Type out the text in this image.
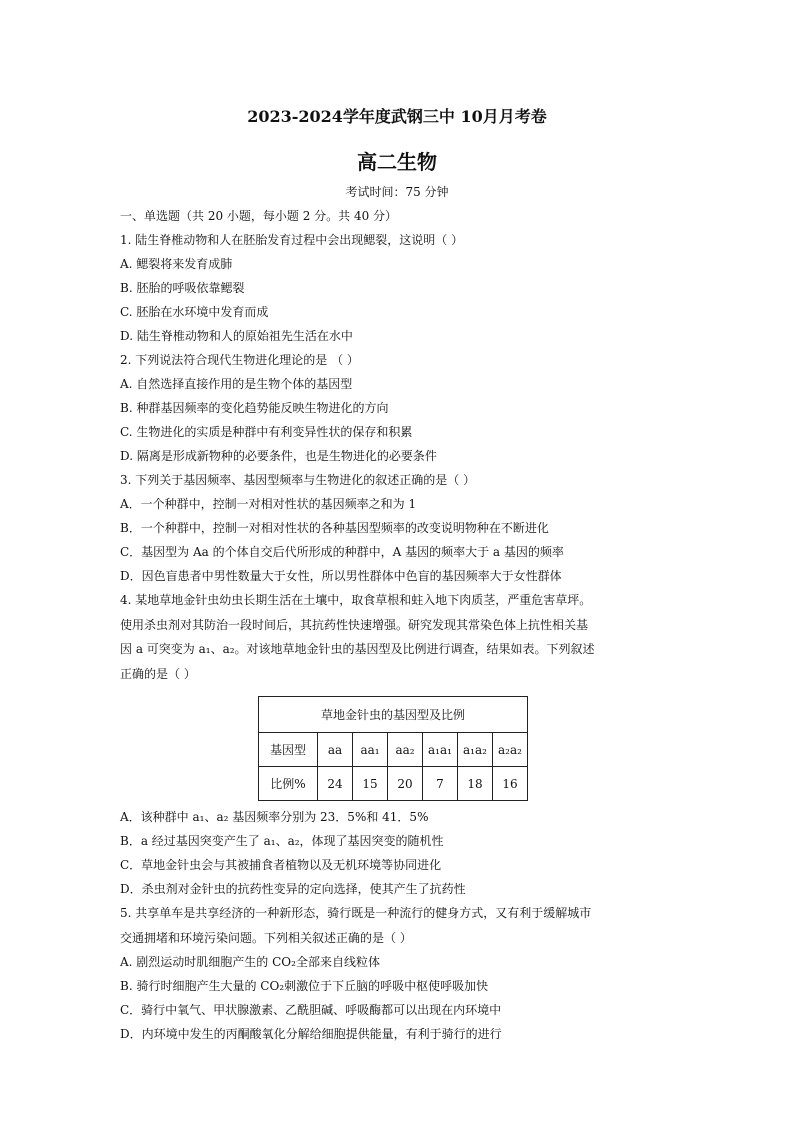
2023-2024学年度武钢三中 10月月考卷
高二生物
考试时间：75 分钟
一、单选题（共 20 小题，每小题 2 分。共 40 分）
1. 陆生脊椎动物和人在胚胎发育过程中会出现鳃裂，这说明（ ）
A. 鳃裂将来发育成肺
B. 胚胎的呼吸依靠鳃裂
C. 胚胎在水环境中发育而成
D. 陆生脊椎动物和人的原始祖先生活在水中
2. 下列说法符合现代生物进化理论的是 （ ）
A. 自然选择直接作用的是生物个体的基因型
B. 种群基因频率的变化趋势能反映生物进化的方向
C. 生物进化的实质是种群中有利变异性状的保存和积累
D. 隔离是形成新物种的必要条件，也是生物进化的必要条件
3. 下列关于基因频率、基因型频率与生物进化的叙述正确的是（ ）
A．一个种群中，控制一对相对性状的基因频率之和为 1
B．一个种群中，控制一对相对性状的各种基因型频率的改变说明物种在不断进化
C．基因型为 Aa 的个体自交后代所形成的种群中，A 基因的频率大于 a 基因的频率
D．因色盲患者中男性数量大于女性，所以男性群体中色盲的基因频率大于女性群体
4. 某地草地金针虫幼虫长期生活在土壤中，取食草根和蛀入地下肉质茎，严重危害草坪。
使用杀虫剂对其防治一段时间后，其抗药性快速增强。研究发现其常染色体上抗性相关基
因 a 可突变为 a₁、a₂。对该地草地金针虫的基因型及比例进行调查，结果如表。下列叙述
正确的是（ ）
草地金针虫的基因型及比例						
基因型	aa	aa₁	aa₂	a₁a₁	a₁a₂	a₂a₂
比例%	24	15	20	7	18	16
A．该种群中 a₁、a₂ 基因频率分别为 23．5%和 41．5%
B．a 经过基因突变产生了 a₁、a₂，体现了基因突变的随机性
C．草地金针虫会与其被捕食者植物以及无机环境等协同进化
D．杀虫剂对金针虫的抗药性变异的定向选择，使其产生了抗药性
5. 共享单车是共享经济的一种新形态，骑行既是一种流行的健身方式，又有利于缓解城市
交通拥堵和环境污染问题。下列相关叙述正确的是（ ）
A. 剧烈运动时肌细胞产生的 CO₂全部来自线粒体
B. 骑行时细胞产生大量的 CO₂刺激位于下丘脑的呼吸中枢使呼吸加快
C．骑行中氧气、甲状腺激素、乙酰胆碱、呼吸酶都可以出现在内环境中
D．内环境中发生的丙酮酸氧化分解给细胞提供能量，有利于骑行的进行
